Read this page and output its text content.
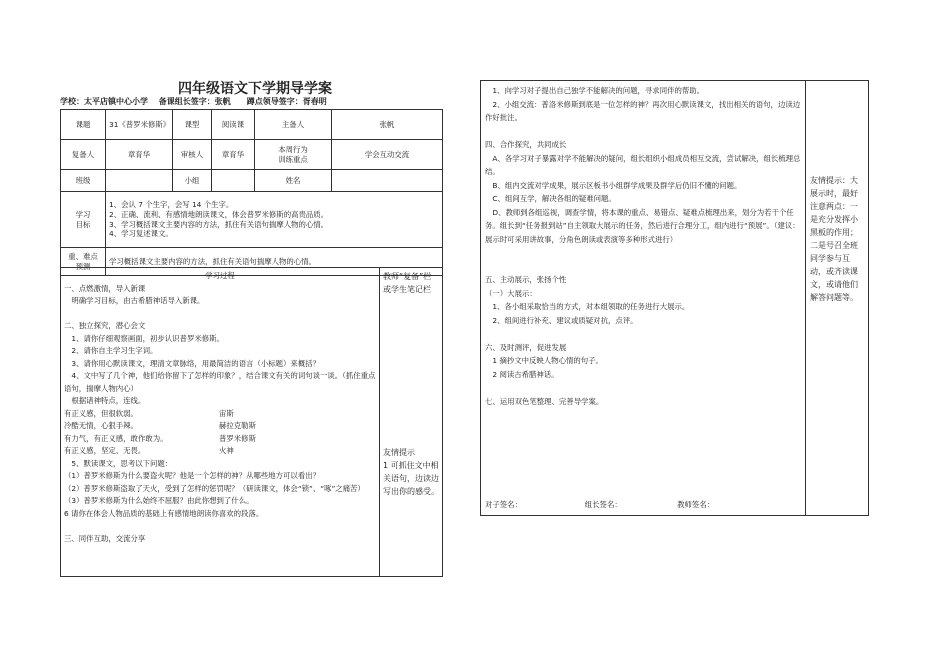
四年级语文下学期导学案
学校：太平店镇中心小学　 备课组长签字：张帆　　蹲点领导签字：胥春明
课题	31《普罗米修斯》	课型	阅读课	主备人	张帆
复备人	章育华	审核人	章育华	本周行为
训练重点	学会互动交流
班级		小组		姓名	
学习
目标	1、会认 7 个生字，会写 14 个生字。
2、正确、流利、有感情地朗读课文，体会普罗米修斯的高贵品质。
3、学习概括课文主要内容的方法，抓住有关语句揣摩人物的心情。
4、学习复述课文。				

重、难点
预测	学习概括课文主要内容的方法，抓住有关语句揣摩人物的心情。				
学习过程
一、点燃激情，导入新课
　明确学习目标，由古希腊神话导入新课。

二、独立探究，潜心会文
　1、请你仔细观察画面，初步认识普罗米修斯。
　2、请你自主学习生字词。
　3、请你用心默读课文，理清文章脉络，用最简洁的语言（小标题）来概括？
　4、文中写了几个神，他们给你留下了怎样的印象？，结合课文有关的词句谈一谈。（抓住重点语句，揣摩人物内心）
　根据诸神特点，连线。
有正义感，但很软弱。
冷酷无情，心狠手辣。
有力气，有正义感，敢作敢为。
有正义感，坚定、无畏。
宙斯
赫拉克勒斯
普罗米修斯
火神
　5、默读课文，思考以下问题：
（1）普罗米修斯为什么要盗火呢？他是一个怎样的神？从哪些地方可以看出？
（2）普罗米修斯盗取了天火，受到了怎样的惩罚呢？（研读课文，体会“锁”、“啄”之痛苦）
（3）普罗米修斯为什么始终不屈服？由此你想到了什么。
6 请你在体会人物品质的基础上有感情地朗读你喜欢的段落。

三、同伴互助，交流分享

教师“复备”栏或学生笔记栏
友情提示
1 可抓住文中相关语句，边读边写出你的感受。
　1、向学习对子提出自己独学不能解决的问题，寻求同伴的帮助。
　2、小组交流：普洛米修斯到底是一位怎样的神？再次用心默读课文，找出相关的语句，边读边作好批注。

四、合作探究，共同成长
　A、各学习对子暴露对学不能解决的疑问，组长组织小组成员相互交流，尝试解决，组长梳理总结。
　B、组内交流对学成果，展示区板书小组群学成果及群学后仍旧不懂的问题。
　C、组间互学，解决各组的疑难问题。
　D、教师到各组巡视，调查学情，将本课的重点、易错点、疑难点梳理出来，划分为若干个任务。组长到“任务报到站”自主领取大展示的任务，然后进行合理分工，组内进行“预展”。（建议：展示时可采用讲故事，分角色朗读或表演等多种形式进行）

五、主动展示，张扬个性
（一）大展示：
　1、各小组采取恰当的方式，对本组领取的任务进行大展示。
　2、组间进行补充、建议或质疑对抗，点评。

六、及时测评，促进发展
　1 摘抄文中反映人物心情的句子。
　2 阅读古希腊神话。

七、运用双色笔整理、完善导学案。
对子签名：　　　　　　　　　组长签名：　　　　　　　　教师签名：

友情提示：大展示时，最好注意两点：一是充分发挥小黑板的作用；二是号召全班同学参与互动，或齐读课文，或请他们解答问题等。
